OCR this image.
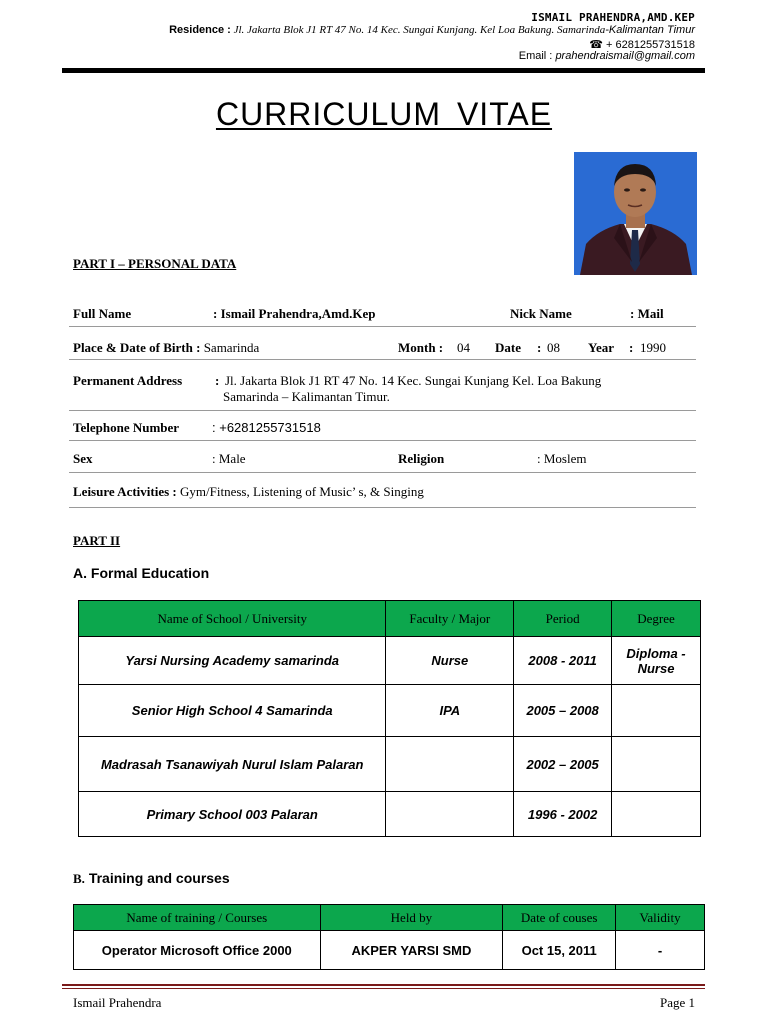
ISMAIL PRAHENDRA,AMD.KEP
Residence : Jl. Jakarta Blok J1 RT 47 No. 14 Kec. Sungai Kunjang. Kel Loa Bakung. Samarinda-Kalimantan Timur
☎ + 6281255731518
Email : prahendraismail@gmail.com
CURRICULUM VITAE
PART I – PERSONAL DATA
Full Name	: Ismail Prahendra,Amd.Kep	Nick Name	: Mail
Place & Date of Birth : Samarinda	Month : 04 Date : 08 Year : 1990
Permanent Address	: Jl. Jakarta Blok J1 RT 47 No. 14 Kec. Sungai Kunjang Kel. Loa Bakung
Samarinda – Kalimantan Timur.
Telephone Number	: +6281255731518
Sex	: Male	Religion	: Moslem
Leisure Activities : Gym/Fitness, Listening of Music’ s, & Singing
PART II
A. Formal Education
Name of School / University	Faculty / Major	Period	Degree
Yarsi Nursing Academy samarinda	Nurse	2008 - 2011	Diploma - Nurse
Senior High School 4 Samarinda	IPA	2005 – 2008	
Madrasah Tsanawiyah Nurul Islam Palaran		2002 – 2005	
Primary School 003 Palaran		1996 - 2002	
B. Training and courses
Name of training / Courses	Held by	Date of couses	Validity
Operator Microsoft Office 2000	AKPER YARSI SMD	Oct 15, 2011	-
Ismail Prahendra	Page 1
